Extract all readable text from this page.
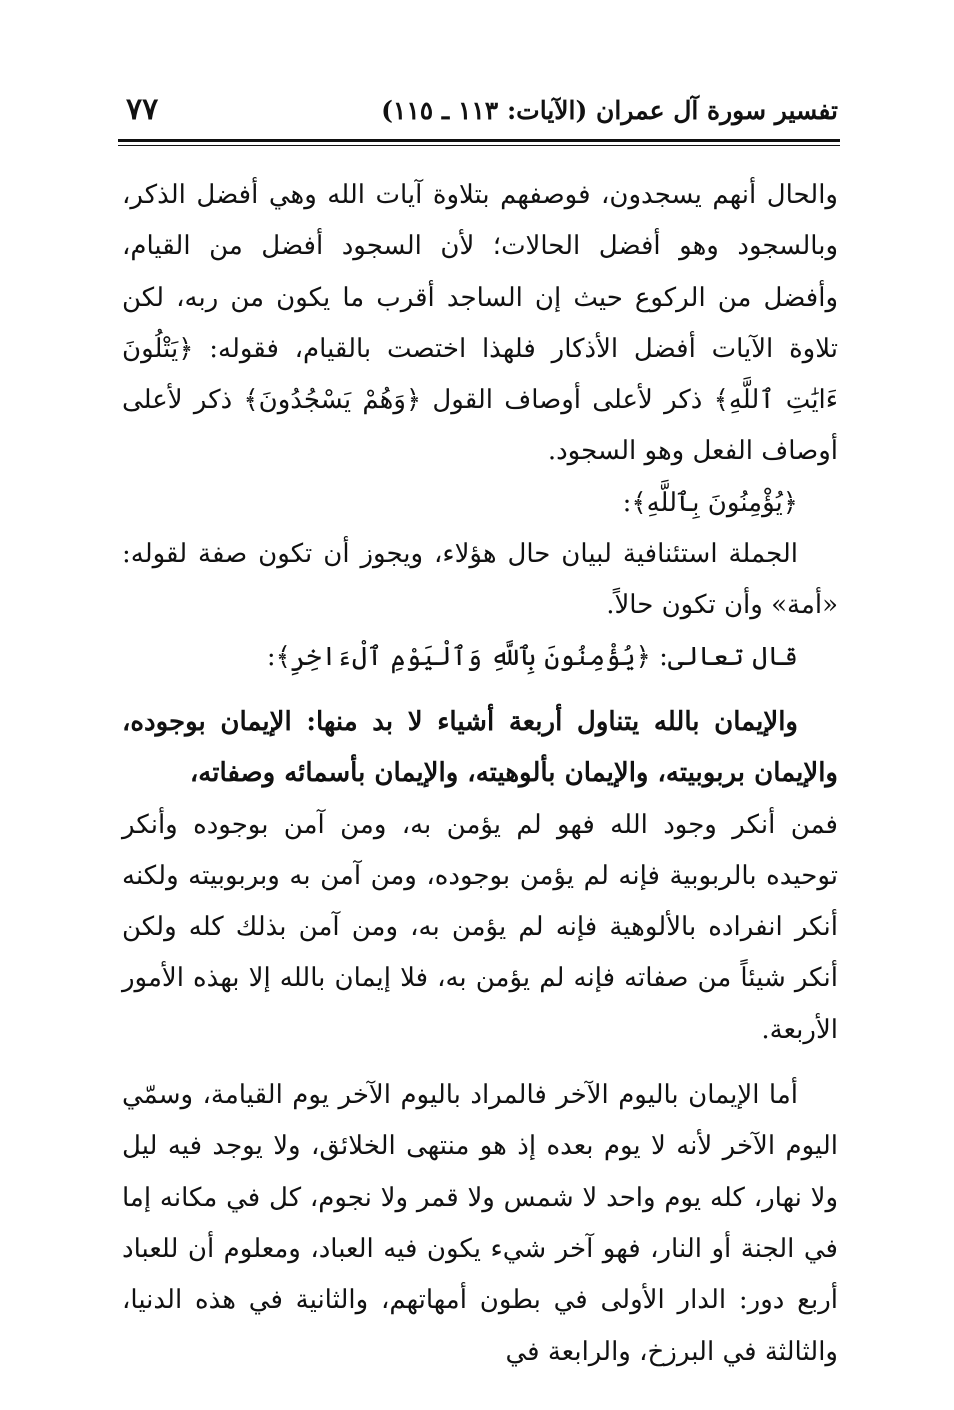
تفسير سورة آل عمران (الآيات: ١١٣ ـ ١١٥)
٧٧

والحال أنهم يسجدون، فوصفهم بتلاوة آيات الله وهي أفضل الذكر، وبالسجود وهو أفضل الحالات؛ لأن السجود أفضل من القيام، وأفضل من الركوع حيث إن الساجد أقرب ما يكون من ربه، لكن تلاوة الآيات أفضل الأذكار فلهذا اختصت بالقيام، فقوله: ﴿يَتْلُونَ ءَايَٰتِ ٱللَّهِ﴾ ذكر لأعلى أوصاف القول ﴿وَهُمْ يَسْجُدُونَ﴾ ذكر لأعلى أوصاف الفعل وهو السجود.

﴿يُؤْمِنُونَ بِٱللَّهِ﴾:

الجملة استئنافية لبيان حال هؤلاء، ويجوز أن تكون صفة لقوله: «أمة» وأن تكون حالاً.

قال تعالى: ﴿يُؤْمِنُونَ بِٱللَّهِ وَٱلْيَوْمِ ٱلْءَاخِرِ﴾:

والإيمان بالله يتناول أربعة أشياء لا بد منها: الإيمان بوجوده، والإيمان بربوبيته، والإيمان بألوهيته، والإيمان بأسمائه وصفاته،

فمن أنكر وجود الله فهو لم يؤمن به، ومن آمن بوجوده وأنكر توحيده بالربوبية فإنه لم يؤمن بوجوده، ومن آمن به وبربوبيته ولكنه أنكر انفراده بالألوهية فإنه لم يؤمن به، ومن آمن بذلك كله ولكن أنكر شيئاً من صفاته فإنه لم يؤمن به، فلا إيمان بالله إلا بهذه الأمور الأربعة.

أما الإيمان باليوم الآخر فالمراد باليوم الآخر يوم القيامة، وسمّي اليوم الآخر لأنه لا يوم بعده إذ هو منتهى الخلائق، ولا يوجد فيه ليل ولا نهار، كله يوم واحد لا شمس ولا قمر ولا نجوم، كل في مكانه إما في الجنة أو النار، فهو آخر شيء يكون فيه العباد، ومعلوم أن للعباد أربع دور: الدار الأولى في بطون أمهاتهم، والثانية في هذه الدنيا، والثالثة في البرزخ، والرابعة في
